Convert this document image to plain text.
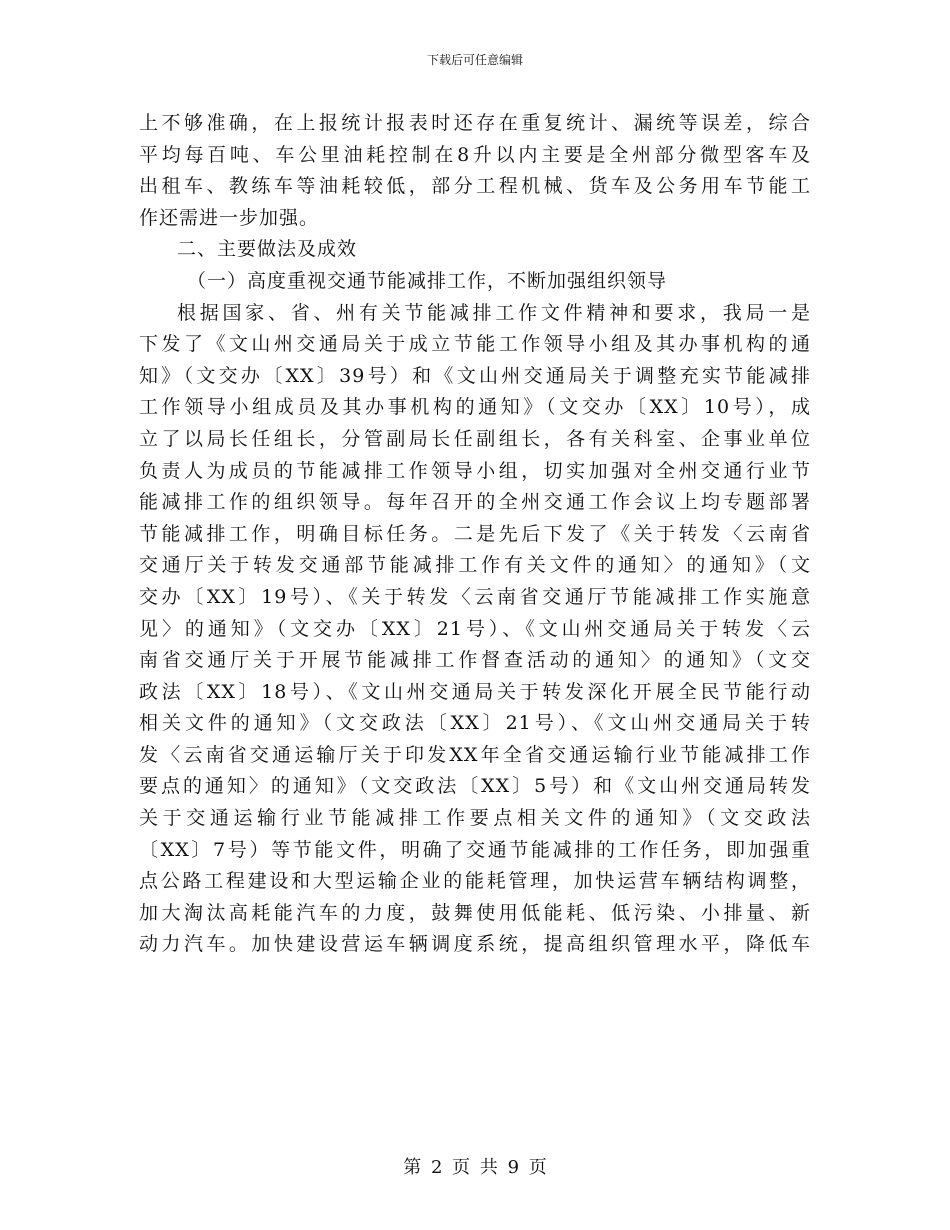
下载后可任意编辑
上不够准确，在上报统计报表时还存在重复统计、漏统等误差，综合
平均每百吨、车公里油耗控制在8升以内主要是全州部分微型客车及
出租车、教练车等油耗较低，部分工程机械、货车及公务用车节能工
作还需进一步加强。
二、主要做法及成效
（一）高度重视交通节能减排工作，不断加强组织领导
根据国家、省、州有关节能减排工作文件精神和要求，我局一是
下发了《文山州交通局关于成立节能工作领导小组及其办事机构的通
知》（文交办〔XX〕39号）和《文山州交通局关于调整充实节能减排
工作领导小组成员及其办事机构的通知》（文交办〔XX〕10号），成
立了以局长任组长，分管副局长任副组长，各有关科室、企事业单位
负责人为成员的节能减排工作领导小组，切实加强对全州交通行业节
能减排工作的组织领导。每年召开的全州交通工作会议上均专题部署
节能减排工作，明确目标任务。二是先后下发了《关于转发〈云南省
交通厅关于转发交通部节能减排工作有关文件的通知〉的通知》（文
交办〔XX〕19号）、《关于转发〈云南省交通厅节能减排工作实施意
见〉的通知》（文交办〔XX〕21号）、《文山州交通局关于转发〈云
南省交通厅关于开展节能减排工作督查活动的通知〉的通知》（文交
政法〔XX〕18号）、《文山州交通局关于转发深化开展全民节能行动
相关文件的通知》（文交政法〔XX〕21号）、《文山州交通局关于转
发〈云南省交通运输厅关于印发XX年全省交通运输行业节能减排工作
要点的通知〉的通知》（文交政法〔XX〕5号）和《文山州交通局转发
关于交通运输行业节能减排工作要点相关文件的通知》（文交政法
〔XX〕7号）等节能文件，明确了交通节能减排的工作任务，即加强重
点公路工程建设和大型运输企业的能耗管理，加快运营车辆结构调整，
加大淘汰高耗能汽车的力度，鼓舞使用低能耗、低污染、小排量、新
动力汽车。加快建设营运车辆调度系统，提高组织管理水平，降低车
第 2 页 共 9 页
